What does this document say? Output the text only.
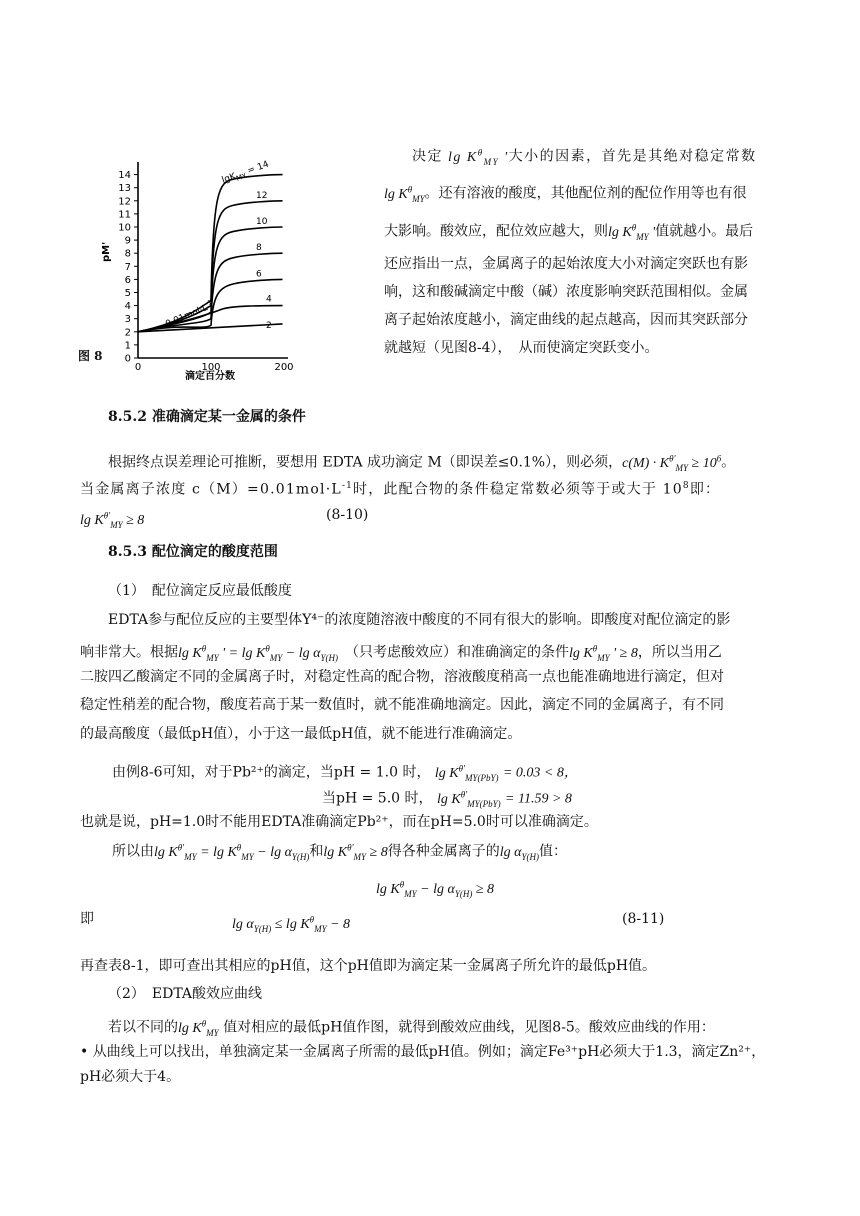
0
1
2
3
4
5
6
7
8
9
10
11
12
13
14
0	100	200
pM'
滴定百分数
12
10
8
6
4
2
lgK$_{MY}$ = 14
$0.01mol\cdot L^{-1}$
图 8
决定 $\lg K^\theta_{MY}$ '大小的因素，首先是其绝对稳定常数
$\lg K^\theta_{MY}$。还有溶液的酸度，其他配位剂的配位作用等也有很
大影响。酸效应，配位效应越大，则$\lg K^\theta_{MY}$ '值就越小。最后
还应指出一点，金属离子的起始浓度大小对滴定突跃也有影
响，这和酸碱滴定中酸（碱）浓度影响突跃范围相似。金属
离子起始浓度越小，滴定曲线的起点越高，因而其突跃部分
就越短（见图8-4），　从而使滴定突跃变小。
8.5.2 准确滴定某一金属的条件
根据终点误差理论可推断，要想用 EDTA 成功滴定 M（即误差≤0.1%），则必须，$c(M) \cdot K^{\theta'}_{MY} \ge 10^6$。
当金属离子浓度 $c(M)=0.01mol\cdot L^{-1}$时，此配合物的条件稳定常数必须等于或大于 $10^8$即：
$\lg K^{\theta'}_{MY} \ge 8$	(8-10)
8.5.3 配位滴定的酸度范围
（1）　配位滴定反应最低酸度
EDTA参与配位反应的主要型体Y⁴⁻的浓度随溶液中酸度的不同有很大的影响。即酸度对配位滴定的影
响非常大。根据$\lg K^\theta_{MY}$ ' = $\lg K^\theta_{MY} - \lg \alpha_{Y(H)}$　 （只考虑酸效应）和准确滴定的条件$\lg K^\theta_{MY}$ ' ≥ 8，所以当用乙
二胺四乙酸滴定不同的金属离子时，对稳定性高的配合物，溶液酸度稍高一点也能准确地进行滴定，但对
稳定性稍差的配合物，酸度若高于某一数值时，就不能准确地滴定。因此，滴定不同的金属离子，有不同
的最高酸度（最低pH值），小于这一最低pH值，就不能进行准确滴定。
由例8-6可知，对于Pb²⁺的滴定，当pH = 1.0 时， $\lg K^{\theta'}_{MY(PbY)} = 0.03 < 8$，
当pH = 5.0 时， $\lg K^{\theta'}_{MY(PbY)} = 11.59 > 8$
也就是说，pH=1.0时不能用EDTA准确滴定Pb²⁺，而在pH=5.0时可以准确滴定。
所以由$\lg K^{\theta'}_{MY} = \lg K^\theta_{MY} - \lg \alpha_{Y(H)}$和$\lg K^{\theta'}_{MY} \ge 8$得各种金属离子的$\lg \alpha_{Y(H)}$值：
$\lg K^\theta_{MY} - \lg \alpha_{Y(H)} \ge 8$
即	$\lg \alpha_{Y(H)} \le \lg K^\theta_{MY} - 8$	(8-11)
再查表8-1，即可查出其相应的pH值，这个pH值即为滴定某一金属离子所允许的最低pH值。
（2）　EDTA酸效应曲线
若以不同的$\lg K^\theta_{MY}$ 值对相应的最低pH值作图，就得到酸效应曲线，见图8-5。酸效应曲线的作用：
• 从曲线上可以找出，单独滴定某一金属离子所需的最低pH值。例如；滴定Fe³⁺pH必须大于1.3，滴定Zn²⁺，
pH必须大于4。
